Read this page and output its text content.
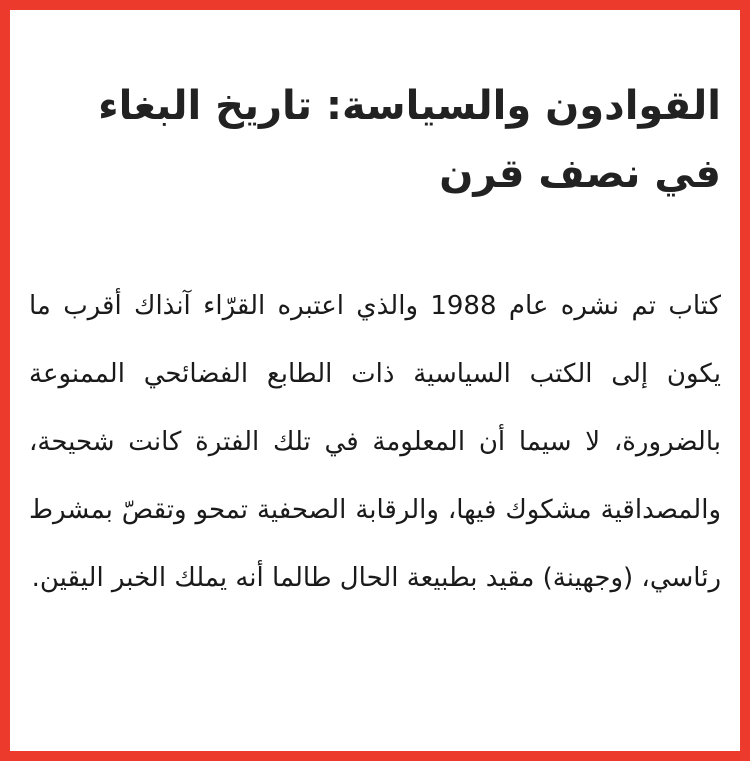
القوادون والسياسة: تاريخ البغاء في نصف قرن

كتاب تم نشره عام 1988 والذي اعتبره القرّاء آنذاك أقرب ما يكون إلى الكتب السياسية ذات الطابع الفضائحي الممنوعة بالضرورة، لا سيما أن المعلومة في تلك الفترة كانت شحيحة، والمصداقية مشكوك فيها، والرقابة الصحفية تمحو وتقصّ بمشرط رئاسي، (وجهينة) مقيد بطبيعة الحال طالما أنه يملك الخبر اليقين.
